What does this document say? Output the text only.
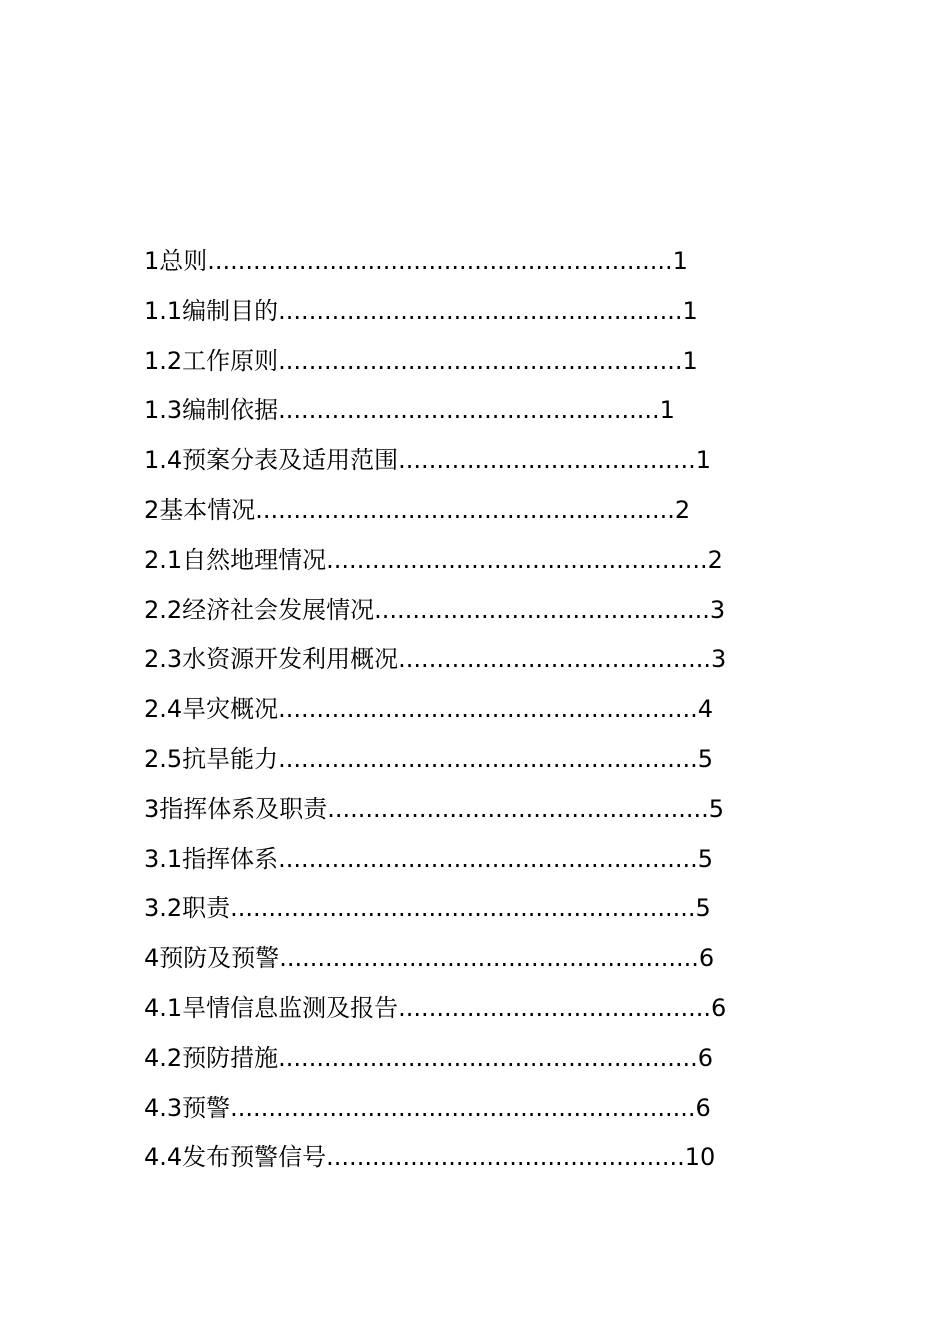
1总则.............................................................1
1.1编制目的.....................................................1
1.2工作原则.....................................................1
1.3编制依据..................................................1
1.4预案分表及适用范围.......................................1
2基本情况.......................................................2
2.1自然地理情况..................................................2
2.2经济社会发展情况............................................3
2.3水资源开发利用概况.........................................3
2.4旱灾概况.......................................................4
2.5抗旱能力.......................................................5
3指挥体系及职责..................................................5
3.1指挥体系.......................................................5
3.2职责.............................................................5
4预防及预警.......................................................6
4.1旱情信息监测及报告.........................................6
4.2预防措施.......................................................6
4.3预警.............................................................6
4.4发布预警信号...............................................10
